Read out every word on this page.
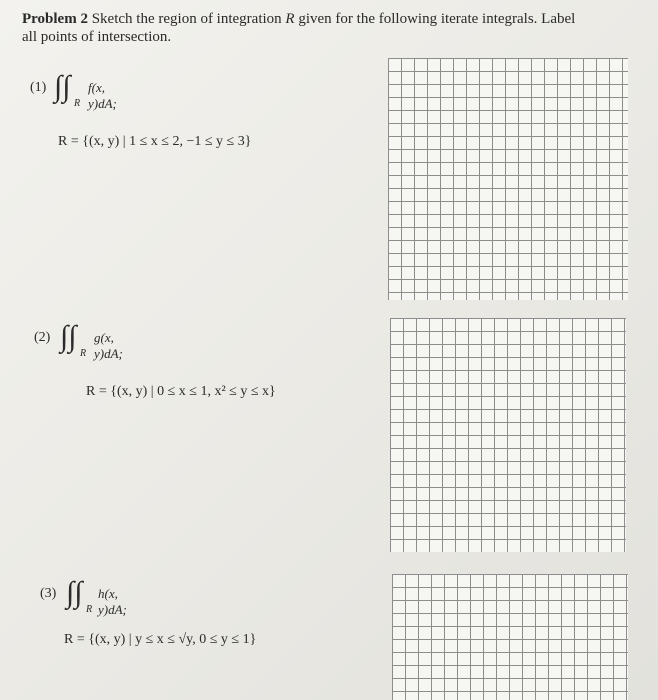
Problem 2 Sketch the region of integration R given for the following iterate integrals. Label
all points of intersection.
(1) ∫∫
R
f(x, y)dA;
R = {(x, y) | 1 ≤ x ≤ 2, −1 ≤ y ≤ 3}
(2) ∫∫
R
g(x, y)dA;
R = {(x, y) | 0 ≤ x ≤ 1, x² ≤ y ≤ x}
(3) ∫∫
R
h(x, y)dA;
R = {(x, y) | y ≤ x ≤ √y, 0 ≤ y ≤ 1}
